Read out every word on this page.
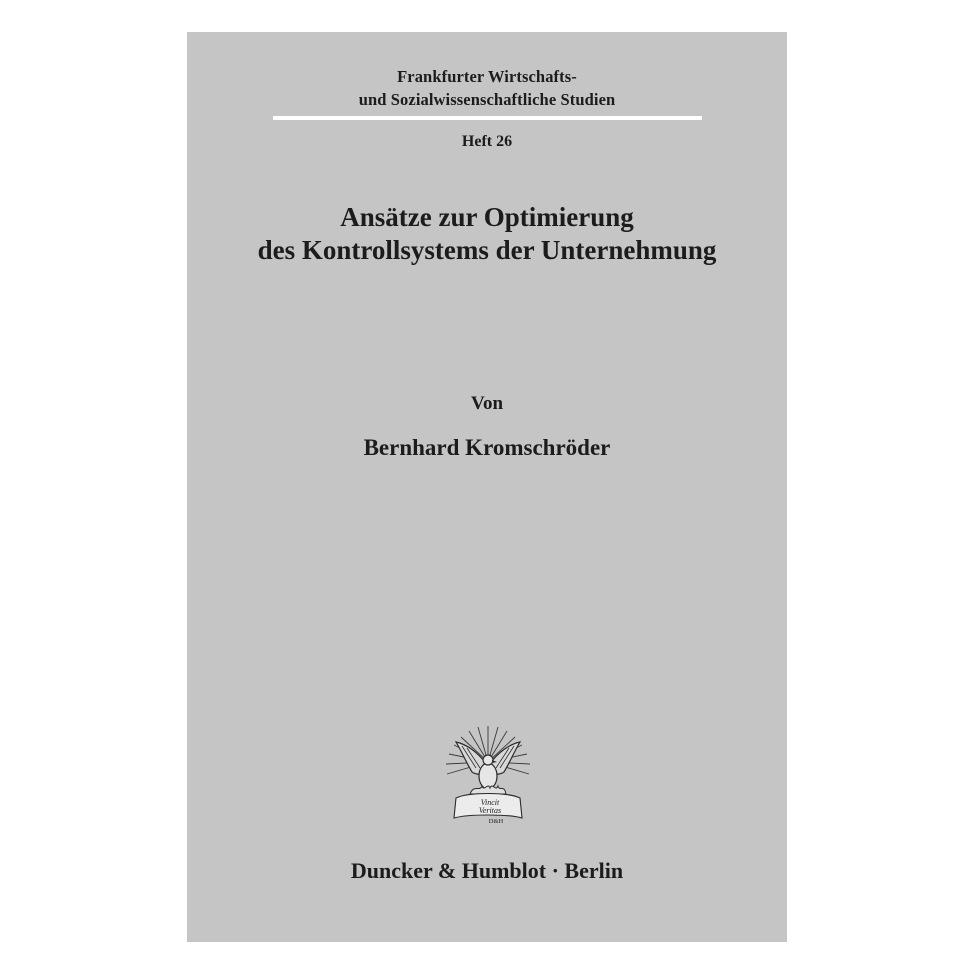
Frankfurter Wirtschafts-
und Sozialwissenschaftliche Studien
Heft 26
Ansätze zur Optimierung
des Kontrollsystems der Unternehmung
Von
Bernhard Kromschröder
Vincit
Veritas
D&H
Duncker & Humblot · Berlin
